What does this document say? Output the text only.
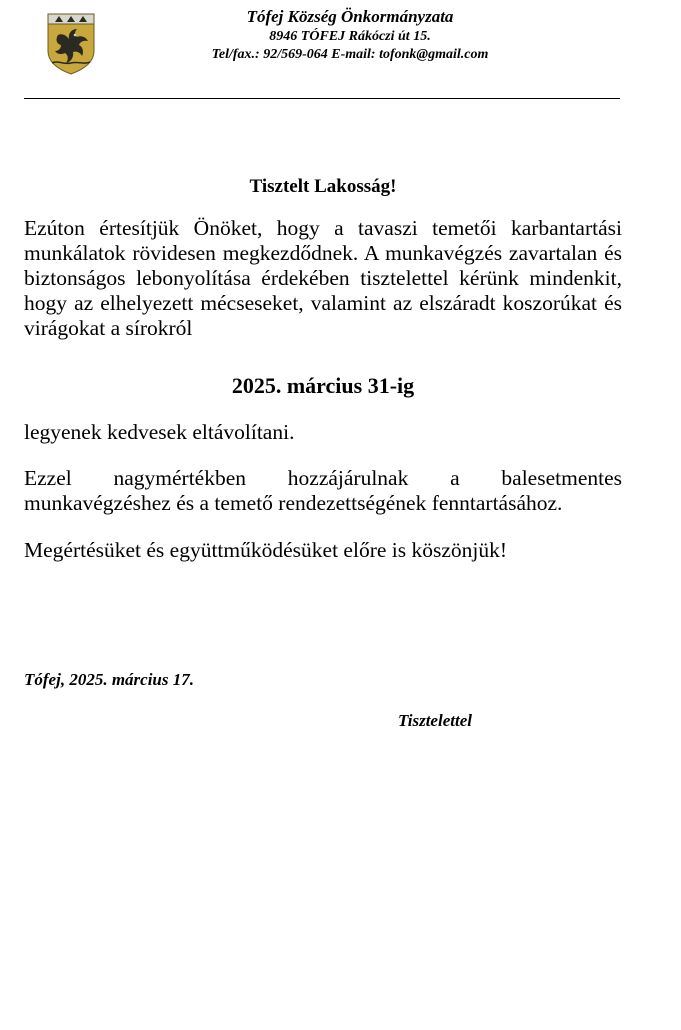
Tófej Község Önkormányzata
8946 TÓFEJ Rákóczi út 15.
Tel/fax.: 92/569-064 E-mail: tofonk@gmail.com
Tisztelt Lakosság!
Ezúton értesítjük Önöket, hogy a tavaszi temetői karbantartási munkálatok rövidesen megkezdődnek. A munkavégzés zavartalan és biztonságos lebonyolítása érdekében tisztelettel kérünk mindenkit, hogy az elhelyezett mécseseket, valamint az elszáradt koszorúkat és virágokat a sírokról
2025. március 31-ig
legyenek kedvesek eltávolítani.
Ezzel nagymértékben hozzájárulnak a balesetmentes munkavégzéshez és a temető rendezettségének fenntartásához.
Megértésüket és együttműködésüket előre is köszönjük!
Tófej, 2025. március 17.
Tisztelettel
